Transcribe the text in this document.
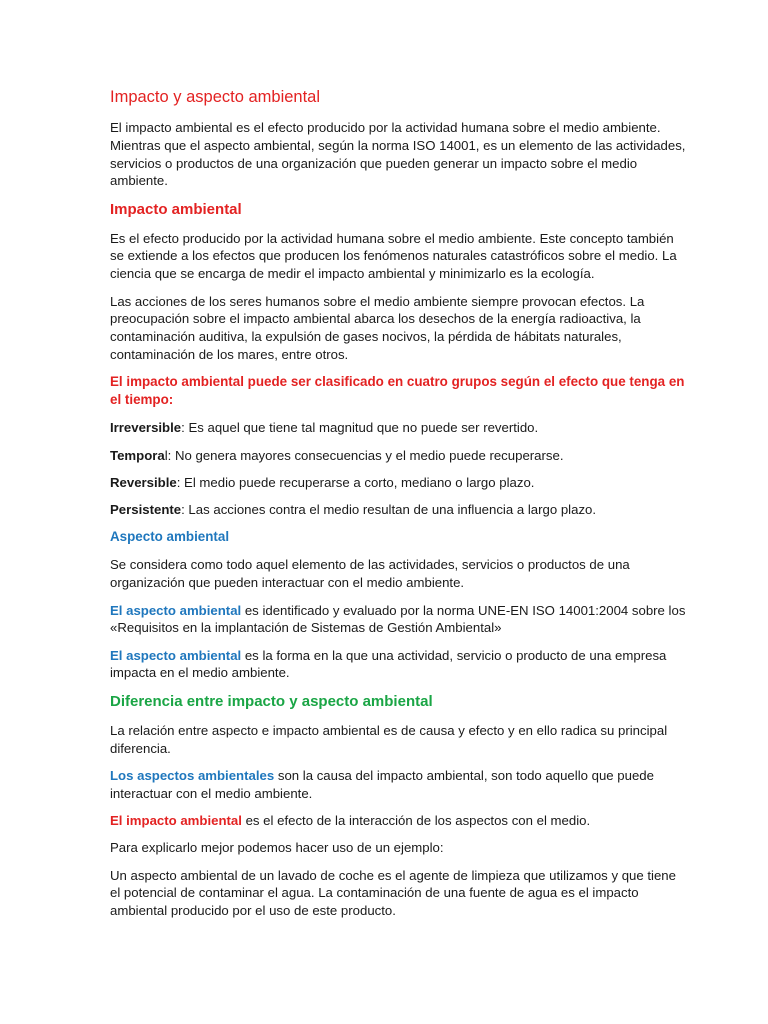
Impacto y aspecto ambiental

El impacto ambiental es el efecto producido por la actividad humana sobre el medio ambiente. Mientras que el aspecto ambiental, según la norma ISO 14001, es un elemento de las actividades, servicios o productos de una organización que pueden generar un impacto sobre el medio ambiente.

Impacto ambiental

Es el efecto producido por la actividad humana sobre el medio ambiente. Este concepto también se extiende a los efectos que producen los fenómenos naturales catastróficos sobre el medio. La ciencia que se encarga de medir el impacto ambiental y minimizarlo es la ecología.

Las acciones de los seres humanos sobre el medio ambiente siempre provocan efectos. La preocupación sobre el impacto ambiental abarca los desechos de la energía radioactiva, la contaminación auditiva, la expulsión de gases nocivos, la pérdida de hábitats naturales, contaminación de los mares, entre otros.

El impacto ambiental puede ser clasificado en cuatro grupos según el efecto que tenga en el tiempo:

Irreversible: Es aquel que tiene tal magnitud que no puede ser revertido.

Temporal: No genera mayores consecuencias y el medio puede recuperarse.

Reversible: El medio puede recuperarse a corto, mediano o largo plazo.

Persistente: Las acciones contra el medio resultan de una influencia a largo plazo.

Aspecto ambiental

Se considera como todo aquel elemento de las actividades, servicios o productos de una organización que pueden interactuar con el medio ambiente.

El aspecto ambiental es identificado y evaluado por la norma UNE-EN ISO 14001:2004 sobre los «Requisitos en la implantación de Sistemas de Gestión Ambiental»

El aspecto ambiental es la forma en la que una actividad, servicio o producto de una empresa impacta en el medio ambiente.

Diferencia entre impacto y aspecto ambiental

La relación entre aspecto e impacto ambiental es de causa y efecto y en ello radica su principal diferencia.

Los aspectos ambientales son la causa del impacto ambiental, son todo aquello que puede interactuar con el medio ambiente.

El impacto ambiental es el efecto de la interacción de los aspectos con el medio.

Para explicarlo mejor podemos hacer uso de un ejemplo:

Un aspecto ambiental de un lavado de coche es el agente de limpieza que utilizamos y que tiene el potencial de contaminar el agua. La contaminación de una fuente de agua es el impacto ambiental producido por el uso de este producto.
